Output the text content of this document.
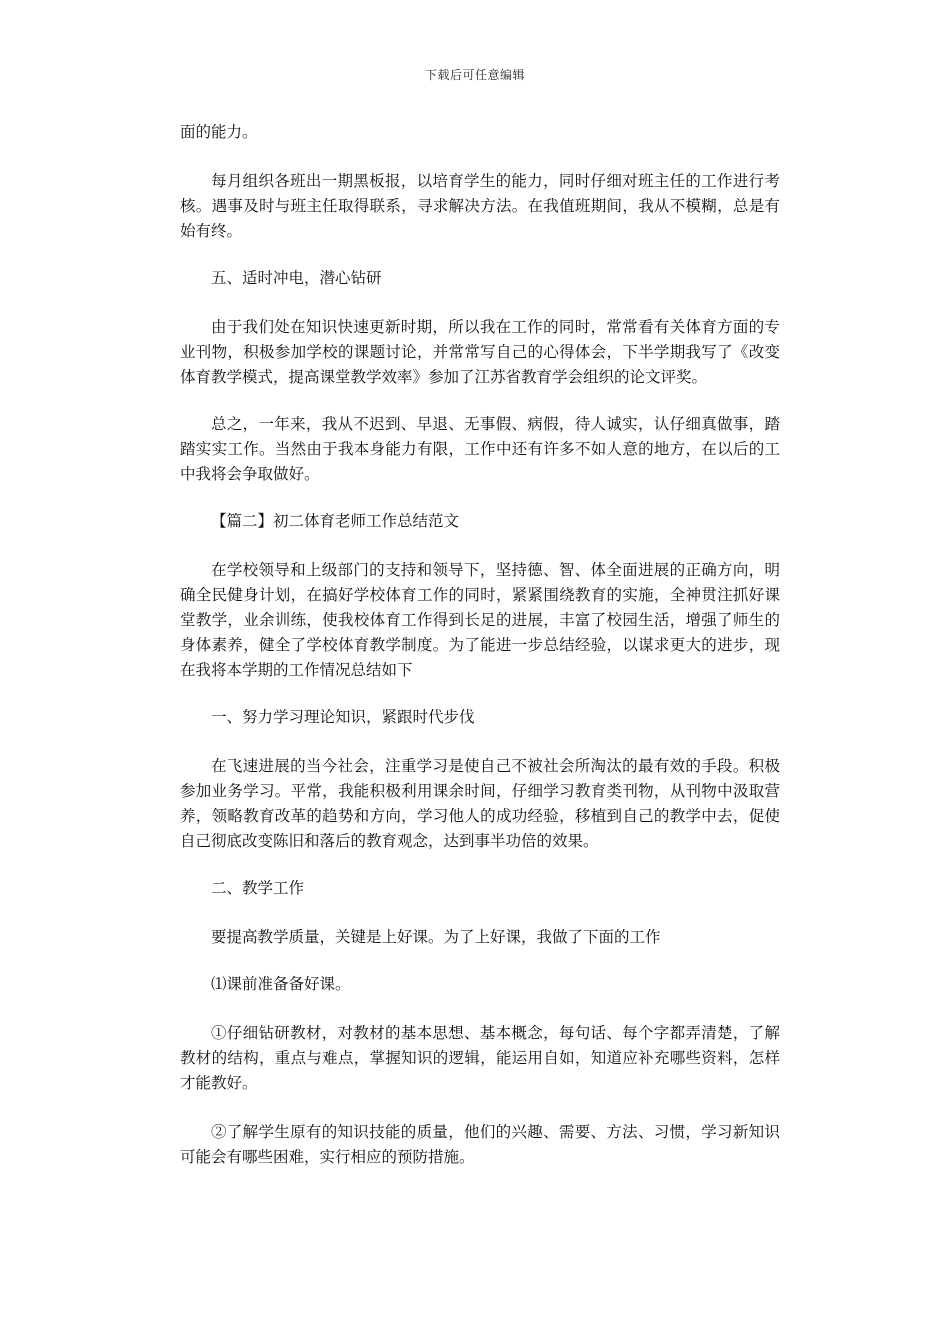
下载后可任意编辑

面的能力。

每月组织各班出一期黑板报，以培育学生的能力，同时仔细对班主任的工作进行考核。遇事及时与班主任取得联系，寻求解决方法。在我值班期间，我从不模糊，总是有始有终。

五、适时冲电，潜心钻研

由于我们处在知识快速更新时期，所以我在工作的同时，常常看有关体育方面的专业刊物，积极参加学校的课题讨论，并常常写自己的心得体会，下半学期我写了《改变体育教学模式，提高课堂教学效率》参加了江苏省教育学会组织的论文评奖。

总之，一年来，我从不迟到、早退、无事假、病假，待人诚实，认仔细真做事，踏踏实实工作。当然由于我本身能力有限，工作中还有许多不如人意的地方，在以后的工中我将会争取做好。

【篇二】初二体育老师工作总结范文

在学校领导和上级部门的支持和领导下，坚持德、智、体全面进展的正确方向，明确全民健身计划，在搞好学校体育工作的同时，紧紧围绕教育的实施，全神贯注抓好课堂教学，业余训练，使我校体育工作得到长足的进展，丰富了校园生活，增强了师生的身体素养，健全了学校体育教学制度。为了能进一步总结经验，以谋求更大的进步，现在我将本学期的工作情况总结如下

一、努力学习理论知识，紧跟时代步伐

在飞速进展的当今社会，注重学习是使自己不被社会所淘汰的最有效的手段。积极参加业务学习。平常，我能积极利用课余时间，仔细学习教育类刊物，从刊物中汲取营养，领略教育改革的趋势和方向，学习他人的成功经验，移植到自己的教学中去，促使自己彻底改变陈旧和落后的教育观念，达到事半功倍的效果。

二、教学工作

要提高教学质量，关键是上好课。为了上好课，我做了下面的工作

⑴课前准备备好课。

①仔细钻研教材，对教材的基本思想、基本概念，每句话、每个字都弄清楚，了解教材的结构，重点与难点，掌握知识的逻辑，能运用自如，知道应补充哪些资料，怎样才能教好。

②了解学生原有的知识技能的质量，他们的兴趣、需要、方法、习惯，学习新知识可能会有哪些困难，实行相应的预防措施。
